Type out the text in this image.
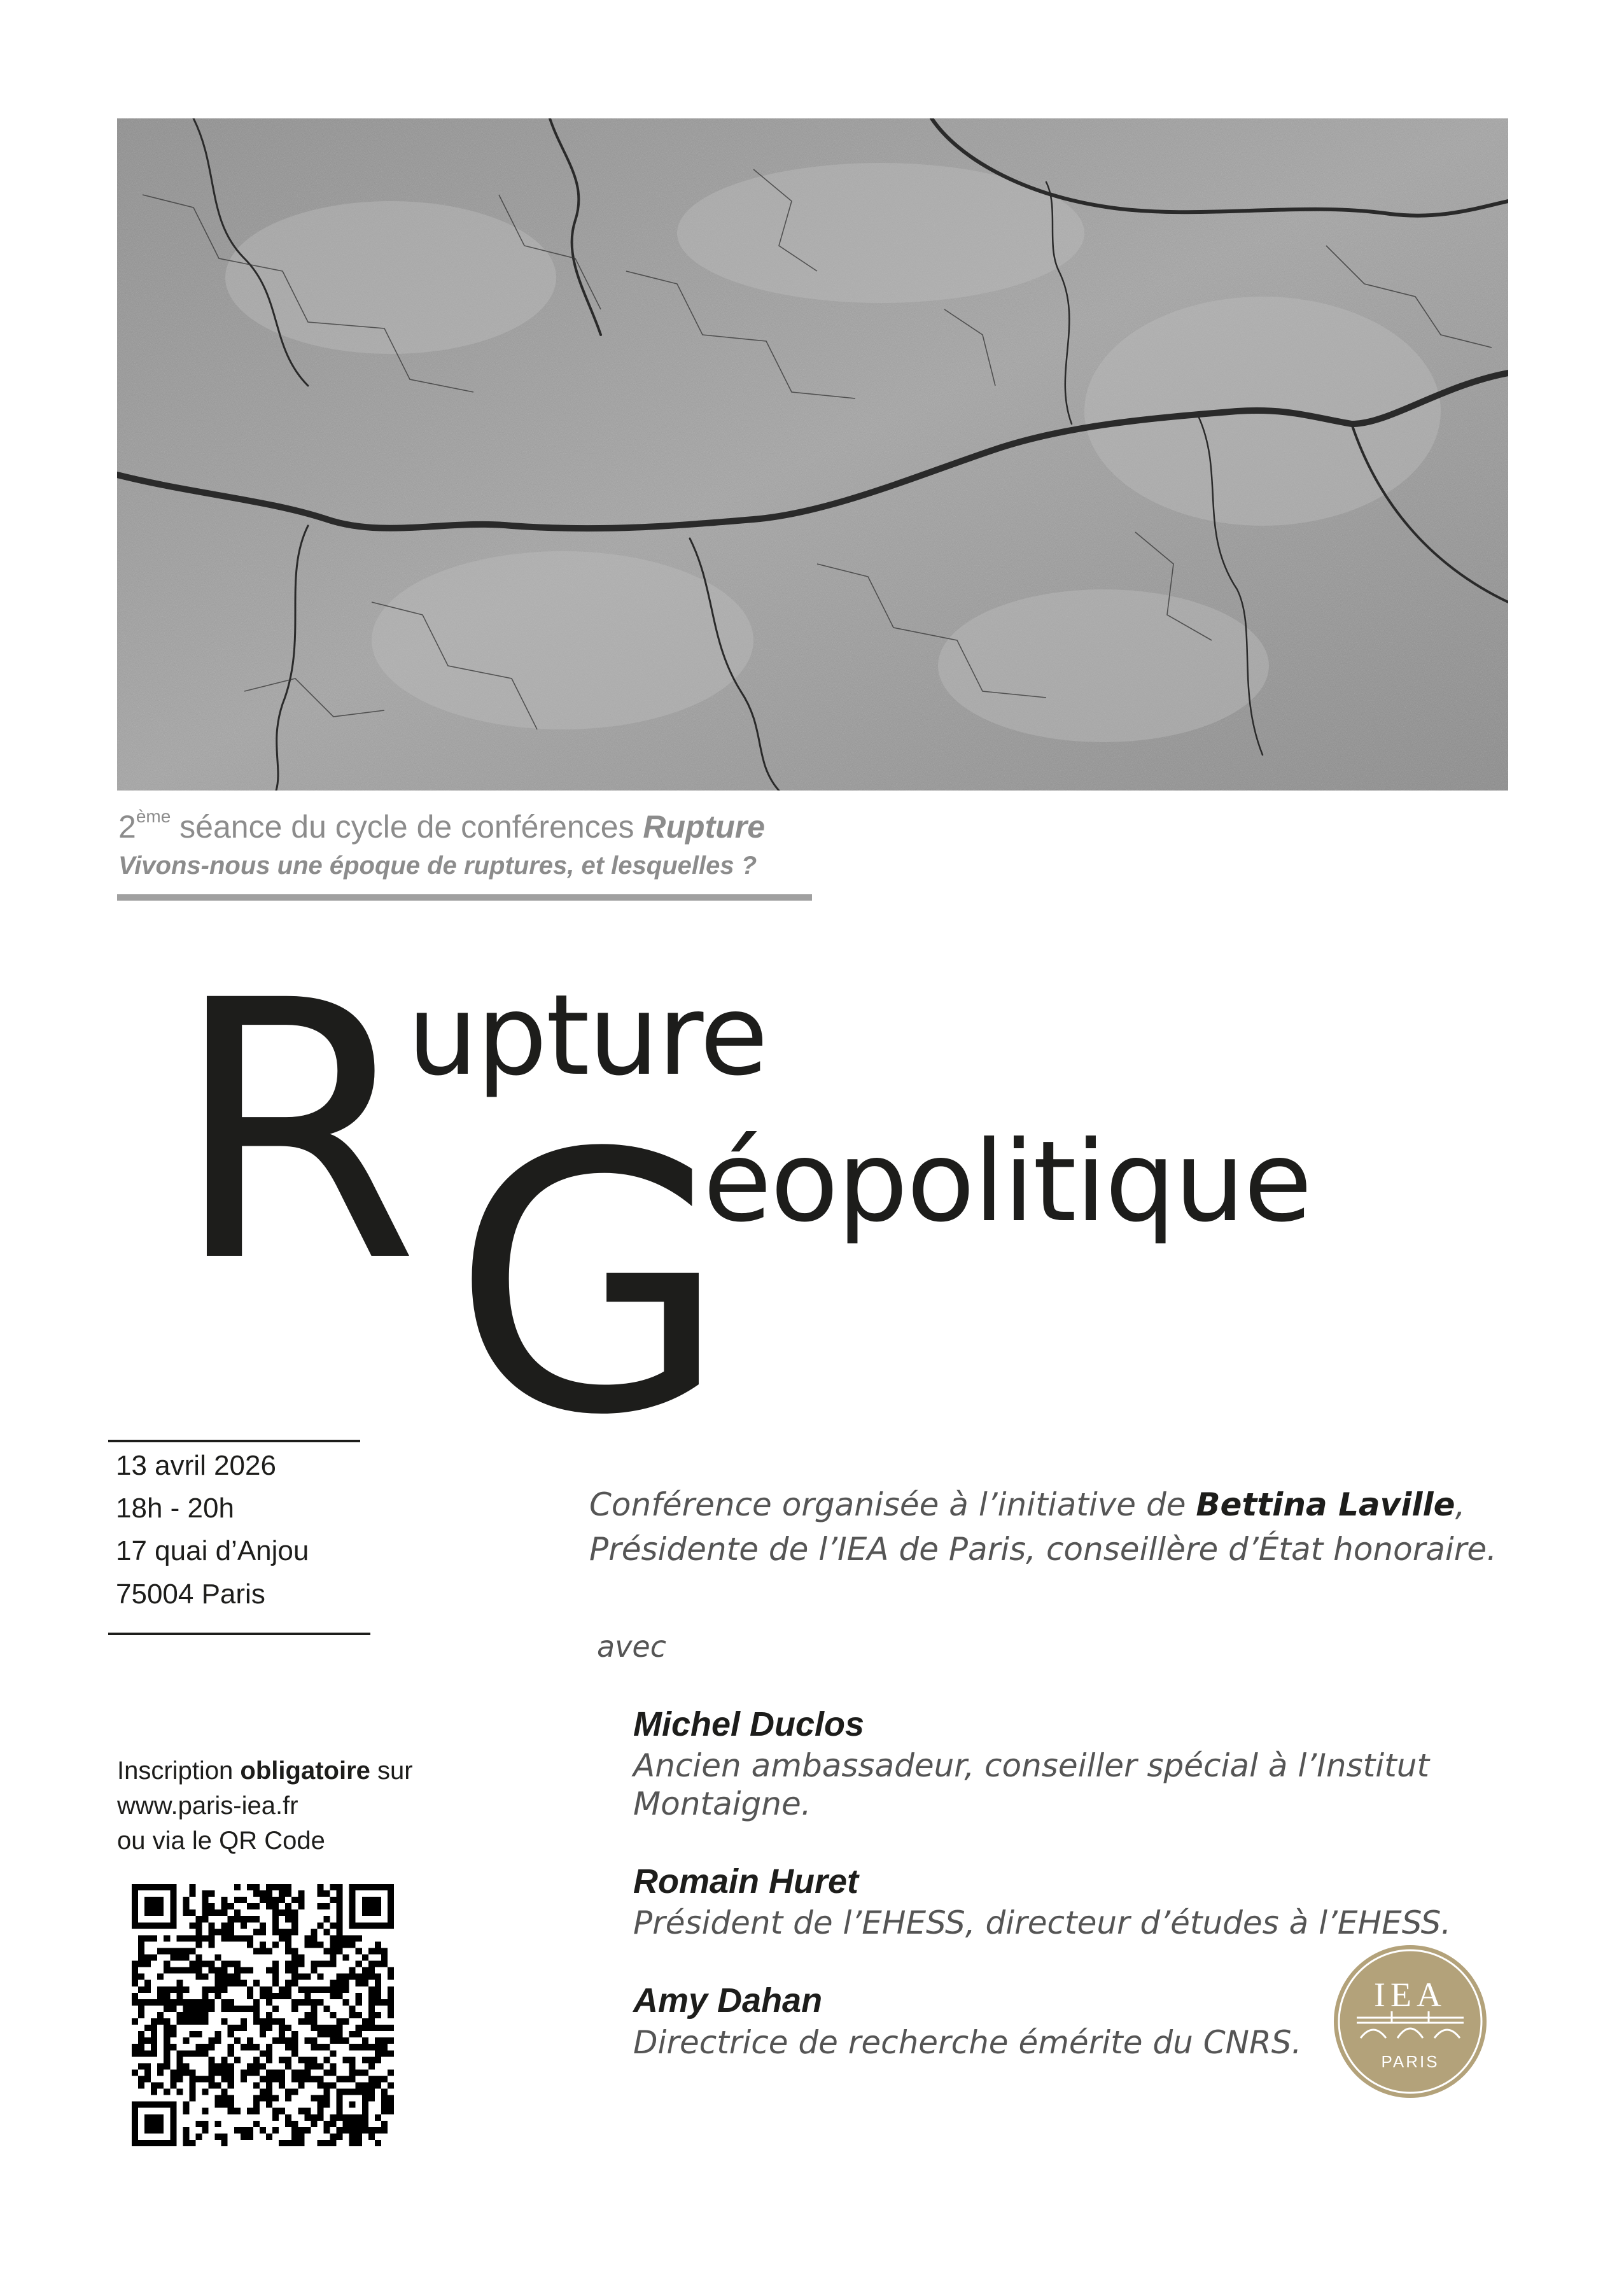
2ème séance du cycle de conférences Rupture
Vivons-nous une époque de ruptures, et lesquelles ?
R
upture
G
éopolitique
13 avril 2026
18h - 20h
17 quai d’Anjou
75004 Paris
Inscription obligatoire sur
www.paris-iea.fr
ou via le QR Code
Conférence organisée à l’initiative de Bettina Laville,
Présidente de l’IEA de Paris, conseillère d’État honoraire.
avec
Michel Duclos
Ancien ambassadeur, conseiller spécial à l’Institut
Montaigne.
Romain Huret
Président de l’EHESS, directeur d’études à l’EHESS.
Amy Dahan
Directrice de recherche émérite du CNRS.
IEA
PARIS
